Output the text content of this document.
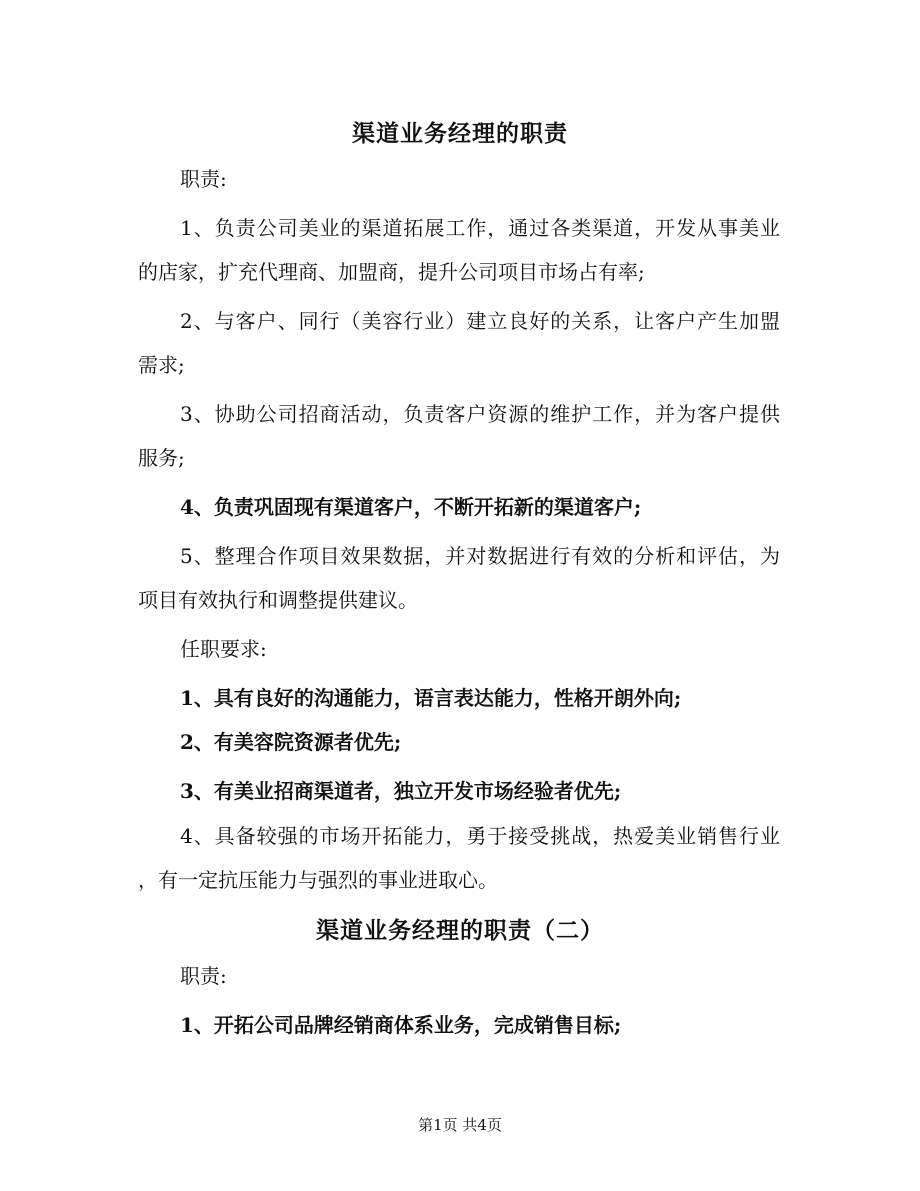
渠道业务经理的职责

职责:

1、负责公司美业的渠道拓展工作，通过各类渠道，开发从事美业

的店家，扩充代理商、加盟商，提升公司项目市场占有率;

2、与客户、同行（美容行业）建立良好的关系，让客户产生加盟

需求;

3、协助公司招商活动，负责客户资源的维护工作，并为客户提供

服务;

4、负责巩固现有渠道客户，不断开拓新的渠道客户;

5、整理合作项目效果数据，并对数据进行有效的分析和评估，为

项目有效执行和调整提供建议。

任职要求:

1、具有良好的沟通能力，语言表达能力，性格开朗外向;

2、有美容院资源者优先;

3、有美业招商渠道者，独立开发市场经验者优先;

4、具备较强的市场开拓能力，勇于接受挑战，热爱美业销售行业

，有一定抗压能力与强烈的事业进取心。

渠道业务经理的职责（二）

职责:

1、开拓公司品牌经销商体系业务，完成销售目标;

第1页 共4页
